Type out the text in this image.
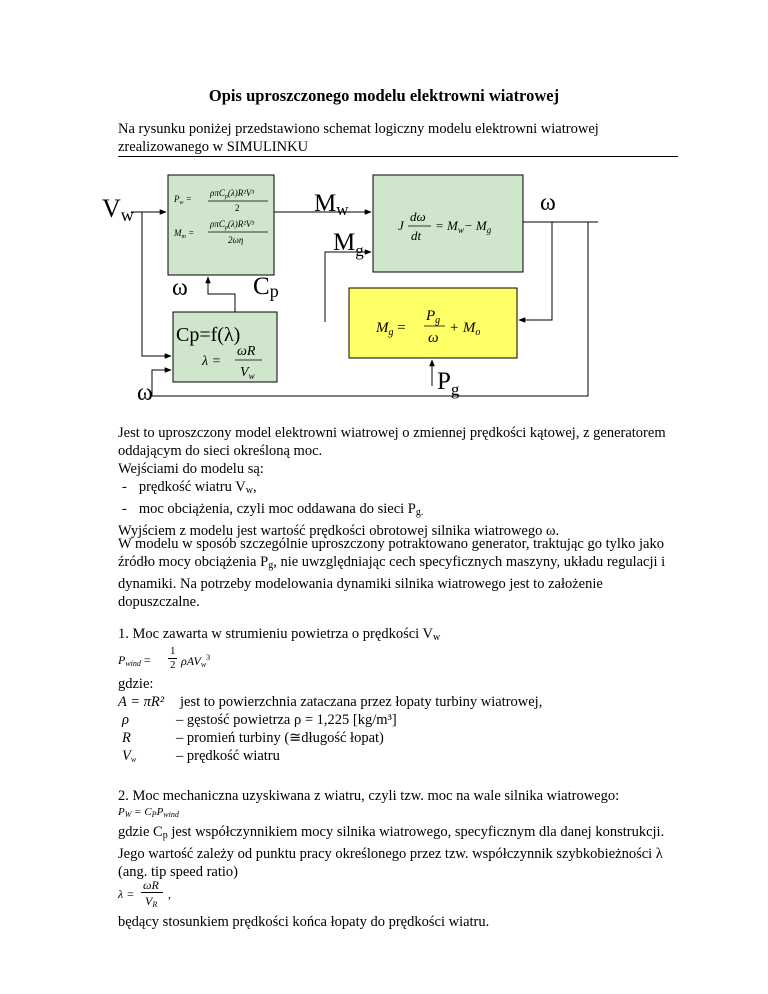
Opis uproszczonego modelu elektrowni wiatrowej
Na rysunku poniżej przedstawiono schemat logiczny modelu elektrowni wiatrowej
zrealizowanego w SIMULINKU
Vw	Mw
$M_g$
ω
ω	Cp
ω	$P_g$
$P_w$ =
ρπC$_p$(λ)R²V³
2
$M_m$ =
ρπC$_p$(λ)R²V³
2ωη
J
dω
dt
= $M_w- M_g$
$M_g$ =
$P_g$
ω
+ $M_o$
Cp=f(λ)
λ =
ωR
$V_w$
Jest to uproszczony model elektrowni wiatrowej o zmiennej prędkości kątowej, z generatorem
oddającym do sieci określoną moc.
Wejściami do modelu są:
- prędkość wiatru $V_w$,
- moc obciążenia, czyli moc oddawana do sieci $P_{g.}$
Wyjściem z modelu jest wartość prędkości obrotowej silnika wiatrowego ω.
W modelu w sposób szczególnie uproszczony potraktowano generator, traktując go tylko jako
źródło mocy obciążenia $P_g$, nie uwzględniając cech specyficznych maszyny, układu regulacji i
dynamiki. Na potrzeby modelowania dynamiki silnika wiatrowego jest to założenie
dopuszczalne.
1. Moc zawarta w strumieniu powietrza o prędkości $V_w$
$P_{wind}$ =
1
2 ρAV$_w^3$
gdzie:
A = πR² jest to powierzchnia zataczana przez łopaty turbiny wiatrowej,
ρ	– gęstość powietrza ρ = 1,225 [kg/m³]
R	– promień turbiny (≅długość łopat)
$V_w$	– prędkość wiatru
2. Moc mechaniczna uzyskiwana z wiatru, czyli tzw. moc na wale silnika wiatrowego:
$P_W = C_PP_{wind}$
gdzie $C_p$ jest współczynnikiem mocy silnika wiatrowego, specyficznym dla danej konstrukcji.
Jego wartość zależy od punktu pracy określonego przez tzw. współczynnik szybkobieżności λ
(ang. tip speed ratio)
λ =
ωR
$V_R$
,
będący stosunkiem prędkości końca łopaty do prędkości wiatru.
